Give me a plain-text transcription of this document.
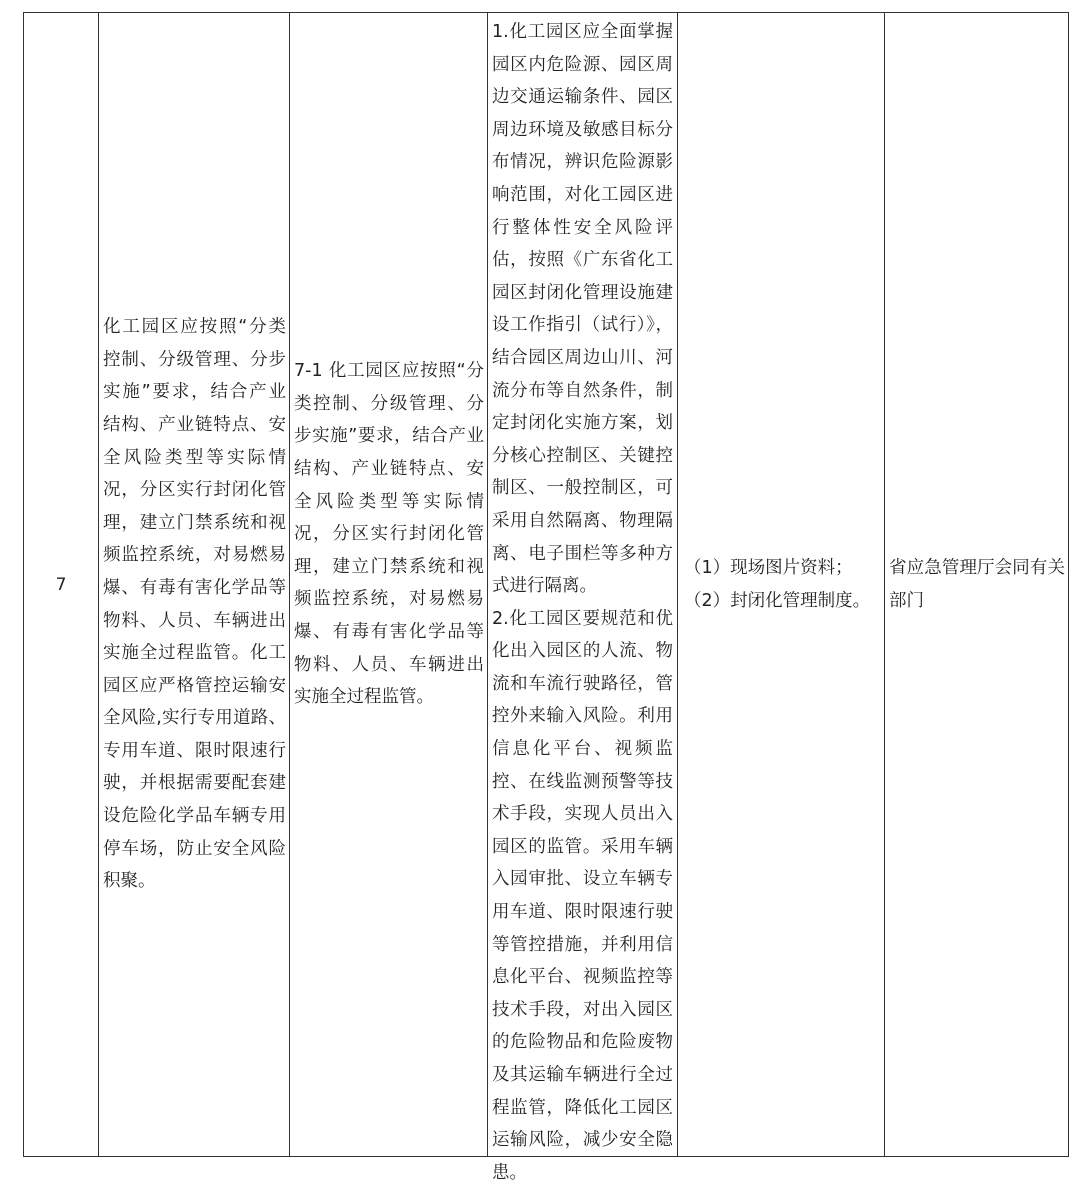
7
化工园区应按照“分类控制、分级管理、分步实施”要求，结合产业结构、产业链特点、安全风险类型等实际情况，分区实行封闭化管理，建立门禁系统和视频监控系统，对易燃易爆、有毒有害化学品等物料、人员、车辆进出实施全过程监管。化工园区应严格管控运输安全风险,实行专用道路、专用车道、限时限速行驶，并根据需要配套建设危险化学品车辆专用停车场，防止安全风险积聚。
7-1 化工园区应按照“分类控制、分级管理、分步实施”要求，结合产业结构、产业链特点、安全风险类型等实际情况，分区实行封闭化管理，建立门禁系统和视频监控系统，对易燃易爆、有毒有害化学品等物料、人员、车辆进出实施全过程监管。
1.化工园区应全面掌握园区内危险源、园区周边交通运输条件、园区周边环境及敏感目标分布情况，辨识危险源影响范围，对化工园区进行整体性安全风险评估，按照《广东省化工园区封闭化管理设施建设工作指引（试行）》，结合园区周边山川、河流分布等自然条件，制定封闭化实施方案，划分核心控制区、关键控制区、一般控制区，可采用自然隔离、物理隔离、电子围栏等多种方式进行隔离。
2.化工园区要规范和优化出入园区的人流、物流和车流行驶路径，管控外来输入风险。利用信息化平台、视频监控、在线监测预警等技术手段，实现人员出入园区的监管。采用车辆入园审批、设立车辆专用车道、限时限速行驶等管控措施，并利用信息化平台、视频监控等技术手段，对出入园区的危险物品和危险废物及其运输车辆进行全过程监管，降低化工园区运输风险，减少安全隐患。
（1）现场图片资料；
（2）封闭化管理制度。
省应急管理厅会同有关部门
